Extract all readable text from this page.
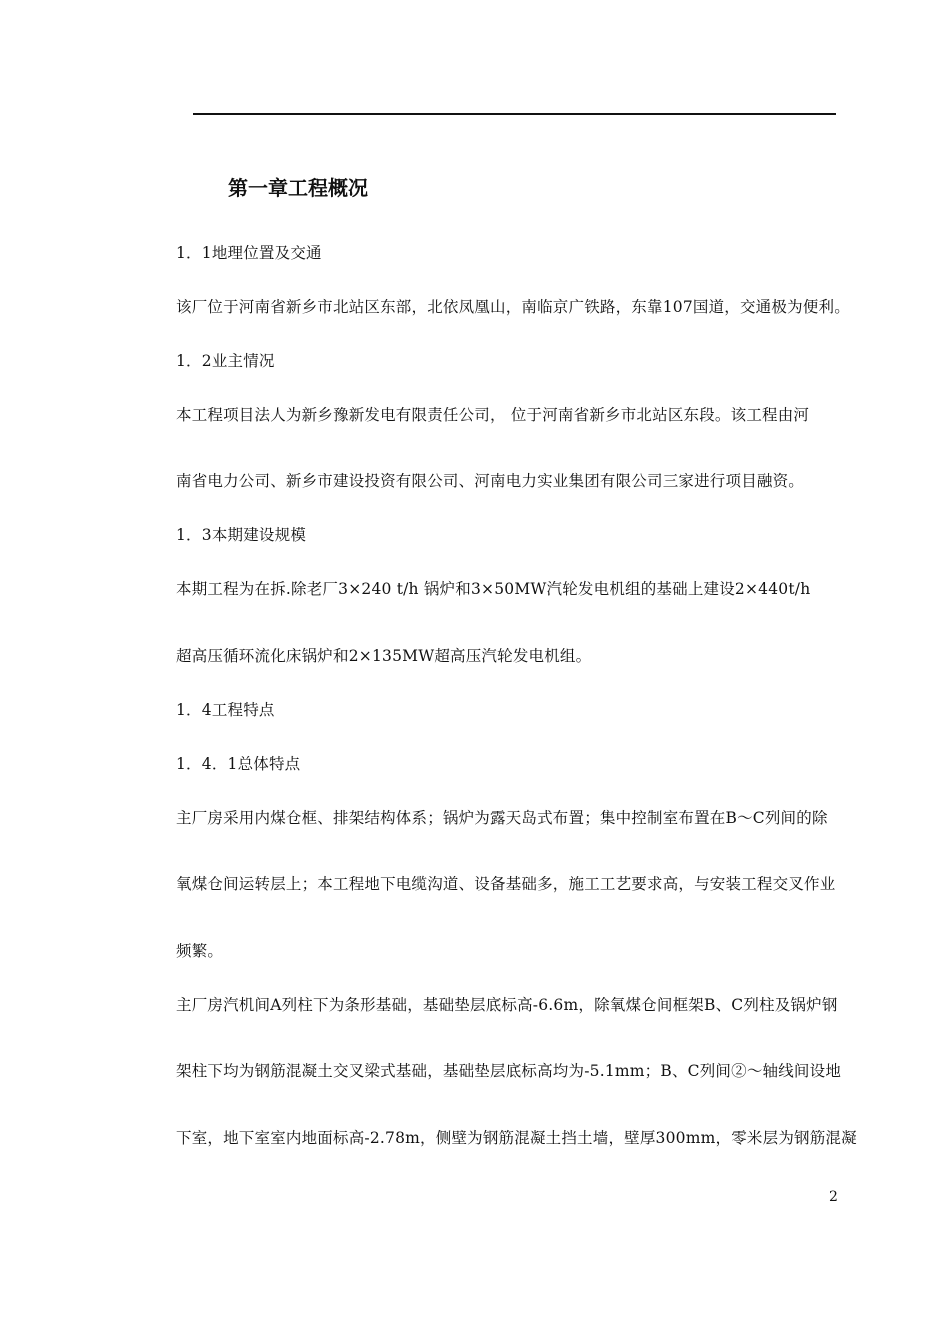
第一章工程概况
1．1地理位置及交通
该厂位于河南省新乡市北站区东部，北依凤凰山，南临京广铁路，东靠107国道，交通极为便利。
1．2业主情况
本工程项目法人为新乡豫新发电有限责任公司， 位于河南省新乡市北站区东段。该工程由河
南省电力公司、新乡市建设投资有限公司、河南电力实业集团有限公司三家进行项目融资。
1．3本期建设规模
本期工程为在拆.除老厂3×240 t/h 锅炉和3×50MW汽轮发电机组的基础上建设2×440t/h
超高压循环流化床锅炉和2×135MW超高压汽轮发电机组。
1．4工程特点
1．4．1总体特点
主厂房采用内煤仓框、排架结构体系；锅炉为露天岛式布置；集中控制室布置在B～C列间的除
氧煤仓间运转层上；本工程地下电缆沟道、设备基础多，施工工艺要求高，与安装工程交叉作业
频繁。
主厂房汽机间A列柱下为条形基础，基础垫层底标高-6.6m，除氧煤仓间框架B、C列柱及锅炉钢
架柱下均为钢筋混凝土交叉梁式基础，基础垫层底标高均为-5.1mm；B、C列间②～轴线间设地
下室，地下室室内地面标高-2.78m，侧壁为钢筋混凝土挡土墙，壁厚300mm，零米层为钢筋混凝
2
